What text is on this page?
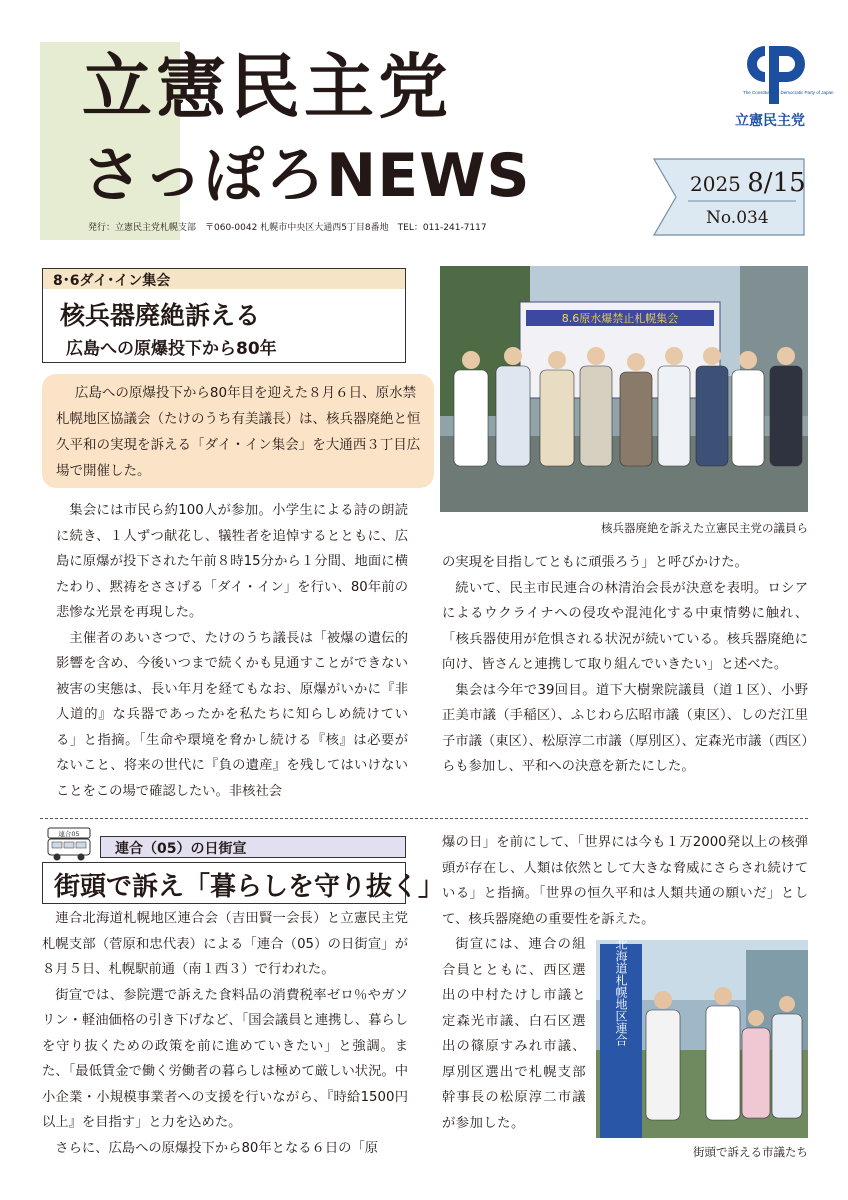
立憲民主党
さっぽろNEWS
発行：立憲民主党札幌支部　〒060-0042 札幌市中央区大通西5丁目8番地　TEL：011-241-7117
The Constitutional Democratic Party of Japan
立憲民主党
2025 8/15
No.034
8･6ダイ･イン集会
核兵器廃絶訴える
広島への原爆投下から80年
広島への原爆投下から80年目を迎えた８月６日、原水禁札幌地区協議会（たけのうち有美議長）は、核兵器廃絶と恒久平和の実現を訴える「ダイ・イン集会」を大通西３丁目広場で開催した。

集会には市民ら約100人が参加。小学生による詩の朗読に続き、１人ずつ献花し、犠牲者を追悼するとともに、広島に原爆が投下された午前８時15分から１分間、地面に横たわり、黙祷をささげる「ダイ・イン」を行い、80年前の悲惨な光景を再現した。

主催者のあいさつで、たけのうち議長は「被爆の遺伝的影響を含め、今後いつまで続くかも見通すことができない被害の実態は、長い年月を経てもなお、原爆がいかに『非人道的』な兵器であったかを私たちに知らしめ続けている」と指摘。「生命や環境を脅かし続ける『核』は必要がないこと、将来の世代に『負の遺産』を残してはいけないことをこの場で確認したい。非核社会

8.6原水爆禁止札幌集会
核兵器廃絶を訴えた立憲民主党の議員ら

の実現を目指してともに頑張ろう」と呼びかけた。

続いて、民主市民連合の林清治会長が決意を表明。ロシアによるウクライナへの侵攻や混沌化する中東情勢に触れ、「核兵器使用が危惧される状況が続いている。核兵器廃絶に向け、皆さんと連携して取り組んでいきたい」と述べた。

集会は今年で39回目。道下大樹衆院議員（道１区）、小野正美市議（手稲区）、ふじわら広昭市議（東区）、しのだ江里子市議（東区）、松原淳二市議（厚別区）、定森光市議（西区）らも参加し、平和への決意を新たにした。

連合05
連合（05）の日街宣
街頭で訴え「暮らしを守り抜く」

連合北海道札幌地区連合会（吉田賢一会長）と立憲民主党札幌支部（菅原和忠代表）による「連合（05）の日街宣」が８月５日、札幌駅前通（南１西３）で行われた。

街宣では、参院選で訴えた食料品の消費税率ゼロ％やガソリン・軽油価格の引き下げなど、「国会議員と連携し、暮らしを守り抜くための政策を前に進めていきたい」と強調。また、「最低賃金で働く労働者の暮らしは極めて厳しい状況。中小企業・小規模事業者への支援を行いながら、『時給1500円以上』を目指す」と力を込めた。

さらに、広島への原爆投下から80年となる６日の「原

爆の日」を前にして、「世界には今も１万2000発以上の核弾頭が存在し、人類は依然として大きな脅威にさらされ続けている」と指摘。「世界の恒久平和は人類共通の願いだ」として、核兵器廃絶の重要性を訴えた。

街宣には、連合の組合員とともに、西区選出の中村たけし市議と定森光市議、白石区選出の篠原すみれ市議、厚別区選出で札幌支部幹事長の松原淳二市議が参加した。

連合北海道札幌地区連合
街頭で訴える市議たち
